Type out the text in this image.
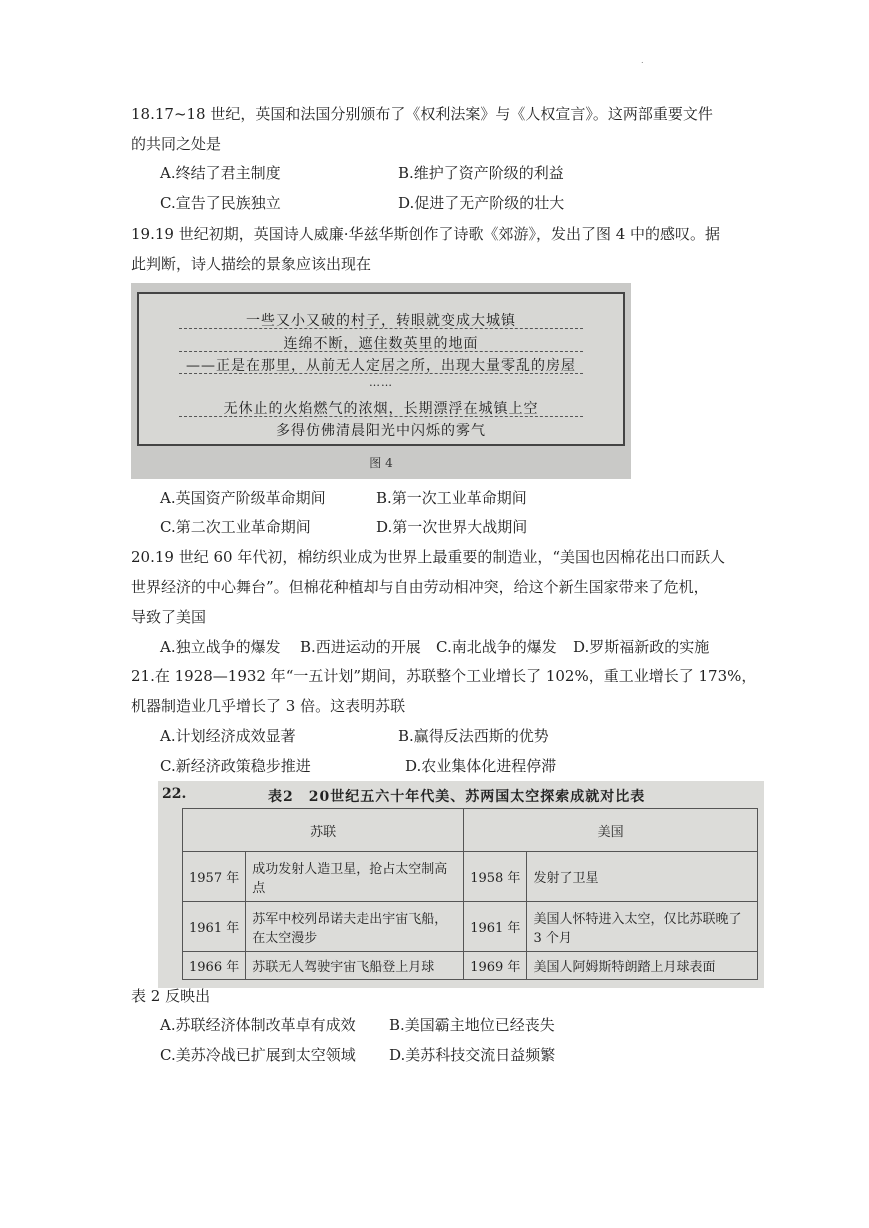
.
18.17~18 世纪，英国和法国分别颁布了《权利法案》与《人权宣言》。这两部重要文件
的共同之处是
A.终结了君主制度	B.维护了资产阶级的利益
C.宣告了民族独立	D.促进了无产阶级的壮大
19.19 世纪初期，英国诗人威廉·华兹华斯创作了诗歌《郊游》，发出了图 4 中的感叹。据
此判断，诗人描绘的景象应该出现在
一些又小又破的村子，转眼就变成大城镇
连绵不断，遮住数英里的地面
——正是在那里，从前无人定居之所，出现大量零乱的房屋
……
无休止的火焰燃气的浓烟，长期漂浮在城镇上空
多得仿佛清晨阳光中闪烁的雾气
图 4
A.英国资产阶级革命期间	B.第一次工业革命期间
C.第二次工业革命期间	D.第一次世界大战期间
20.19 世纪 60 年代初，棉纺织业成为世界上最重要的制造业，“美国也因棉花出口而跃人
世界经济的中心舞台”。但棉花种植却与自由劳动相冲突，给这个新生国家带来了危机，
导致了美国
A.独立战争的爆发 B.西进运动的开展 C.南北战争的爆发 D.罗斯福新政的实施
21.在 1928—1932 年“一五计划”期间，苏联整个工业增长了 102%，重工业增长了 173%，
机器制造业几乎增长了 3 倍。这表明苏联
A.计划经济成效显著	B.赢得反法西斯的优势
C.新经济政策稳步推进	D.农业集体化进程停滞
22.	表2　20世纪五六十年代美、苏两国太空探索成就对比表
苏联		美国	
1957 年	成功发射人造卫星，抢占太空制高点	1958 年	发射了卫星
1961 年	苏军中校列昂诺夫走出宇宙飞船，在太空漫步	1961 年	美国人怀特进入太空，仅比苏联晚了 3 个月
1966 年	苏联无人驾驶宇宙飞船登上月球	1969 年	美国人阿姆斯特朗踏上月球表面
表 2 反映出
A.苏联经济体制改革卓有成效 B.美国霸主地位已经丧失
C.美苏冷战已扩展到太空领域 D.美苏科技交流日益频繁
